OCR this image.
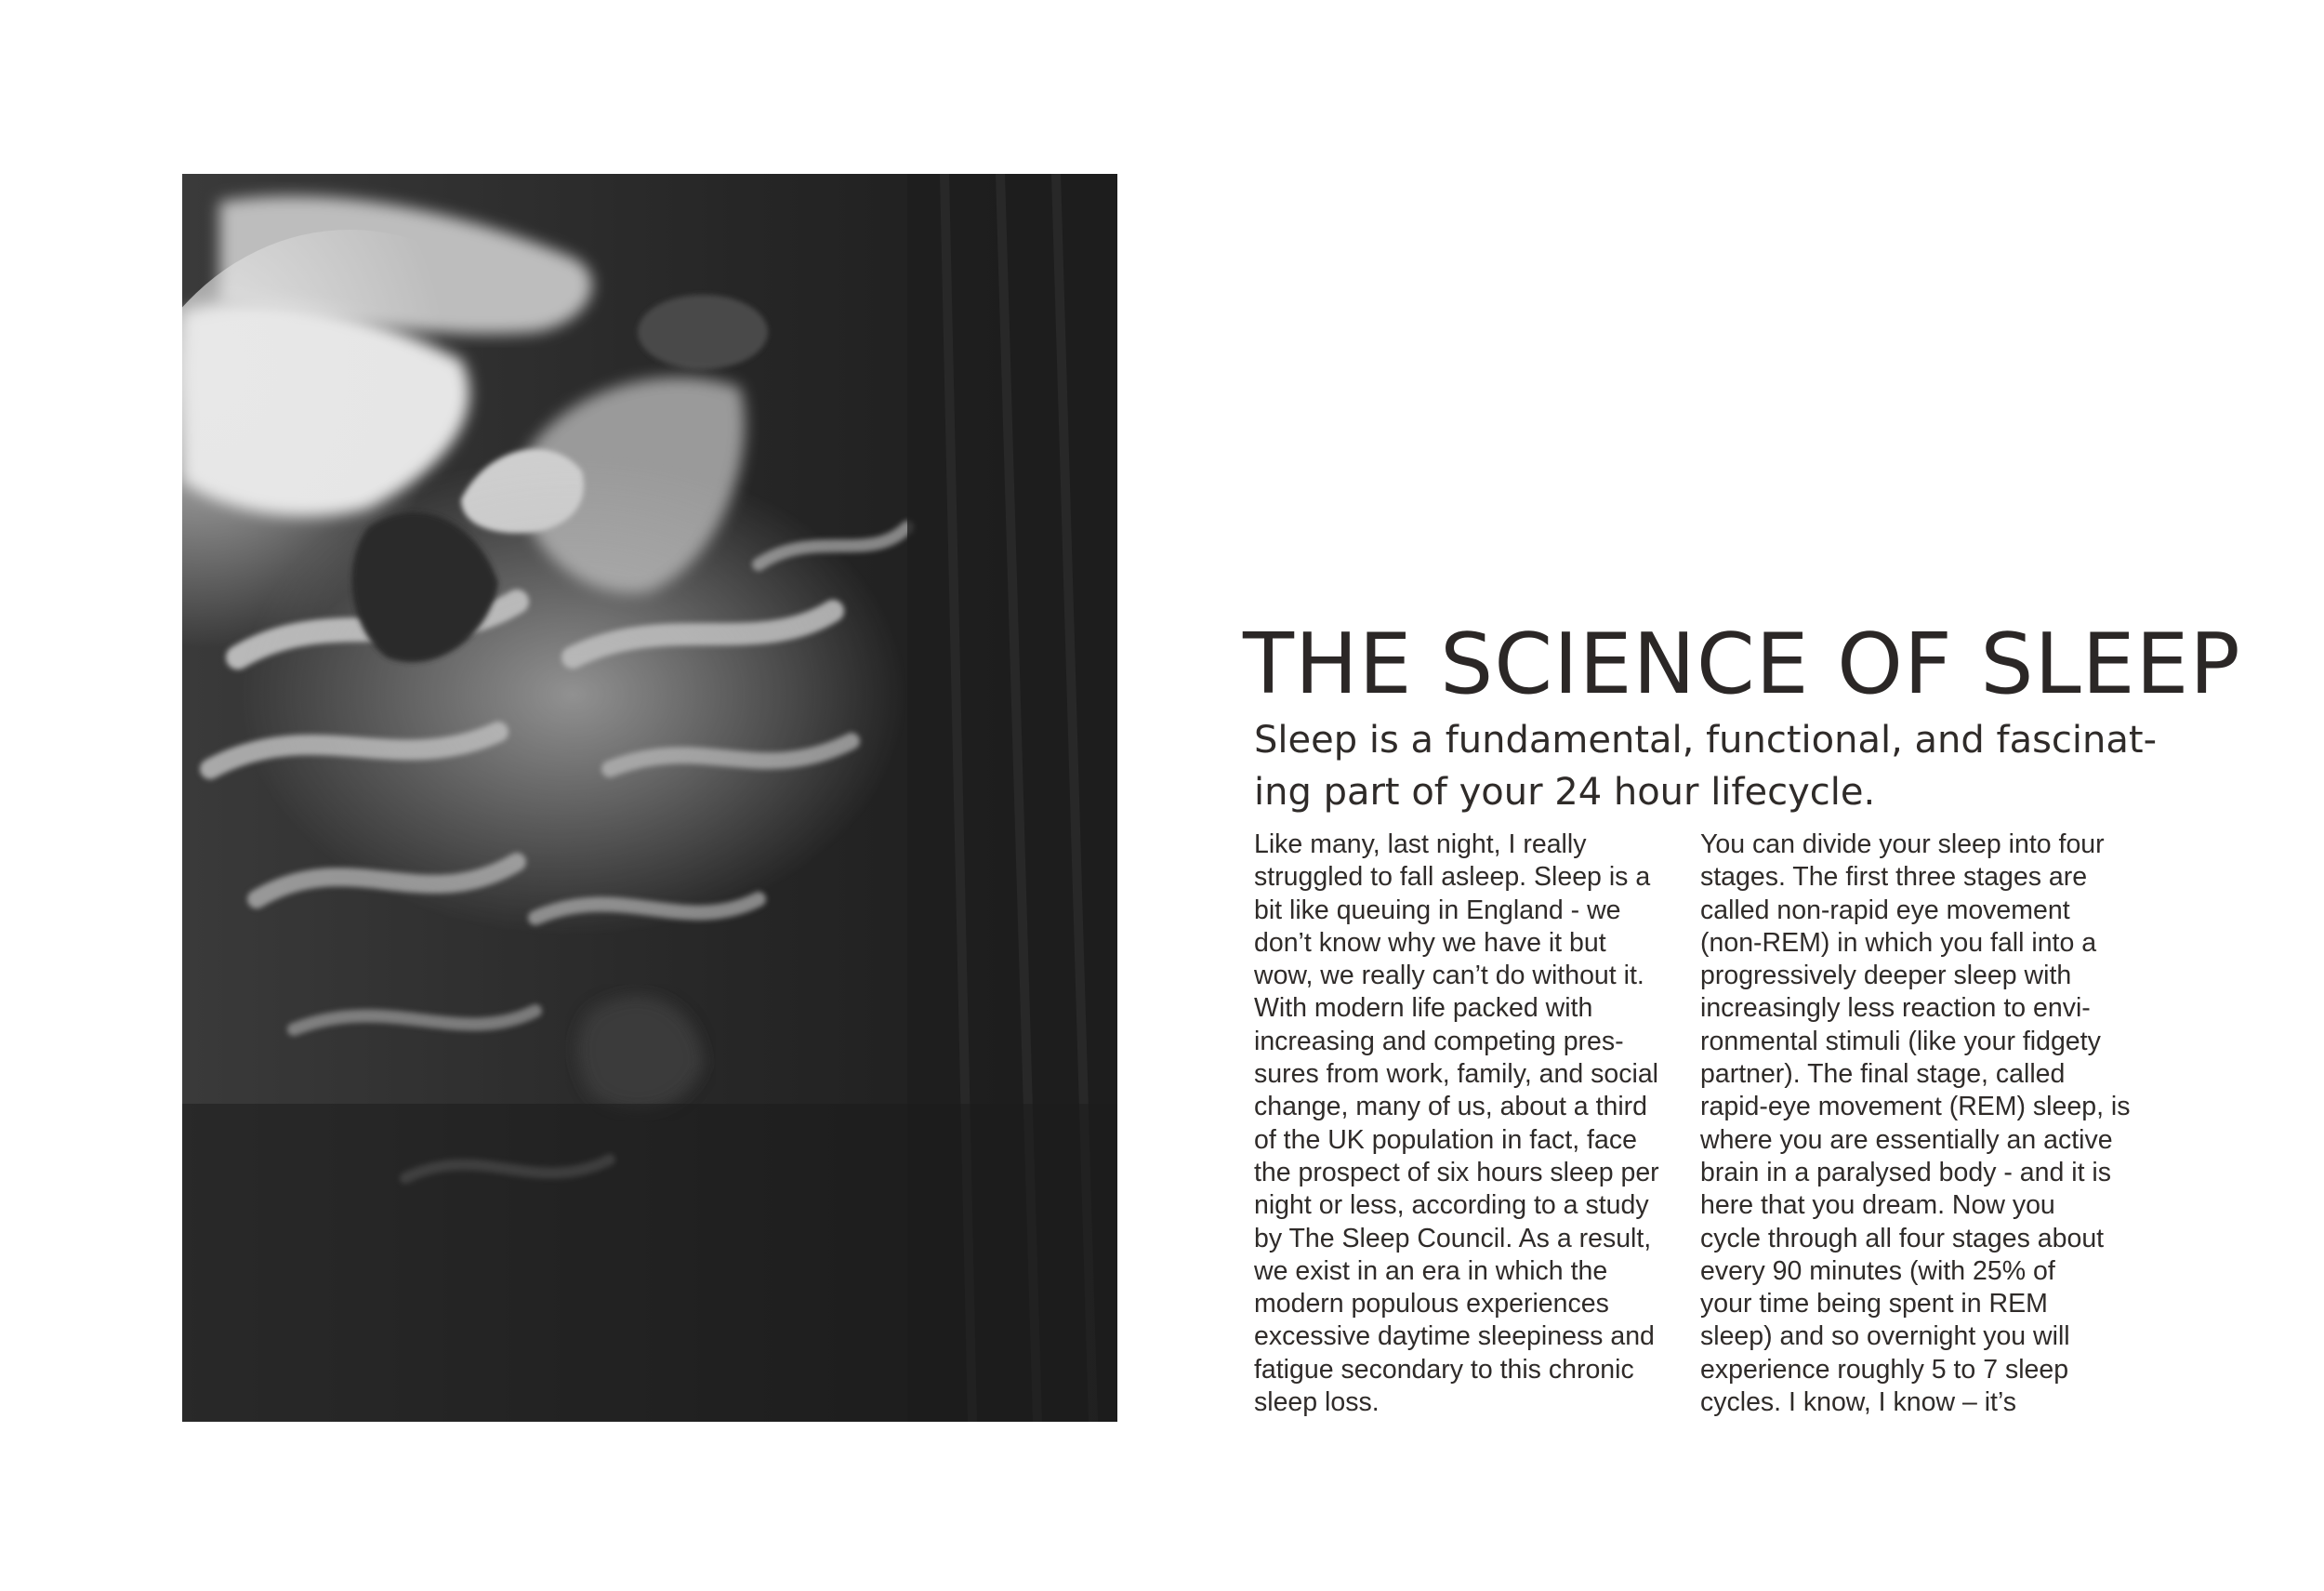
THE SCIENCE OF SLEEP

Sleep is a fundamental, functional, and fascinat-
ing part of your 24 hour lifecycle.

Like many, last night, I really
struggled to fall asleep. Sleep is a
bit like queuing in England - we
don’t know why we have it but
wow, we really can’t do without it.
With modern life packed with
increasing and competing pres-
sures from work, family, and social
change, many of us, about a third
of the UK population in fact, face
the prospect of six hours sleep per
night or less, according to a study
by The Sleep Council. As a result,
we exist in an era in which the
modern populous experiences
excessive daytime sleepiness and
fatigue secondary to this chronic
sleep loss.
You can divide your sleep into four
stages. The first three stages are
called non-rapid eye movement
(non-REM) in which you fall into a
progressively deeper sleep with
increasingly less reaction to envi-
ronmental stimuli (like your fidgety
partner). The final stage, called
rapid-eye movement (REM) sleep, is
where you are essentially an active
brain in a paralysed body - and it is
here that you dream. Now you
cycle through all four stages about
every 90 minutes (with 25% of
your time being spent in REM
sleep) and so overnight you will
experience roughly 5 to 7 sleep
cycles. I know, I know – it’s
